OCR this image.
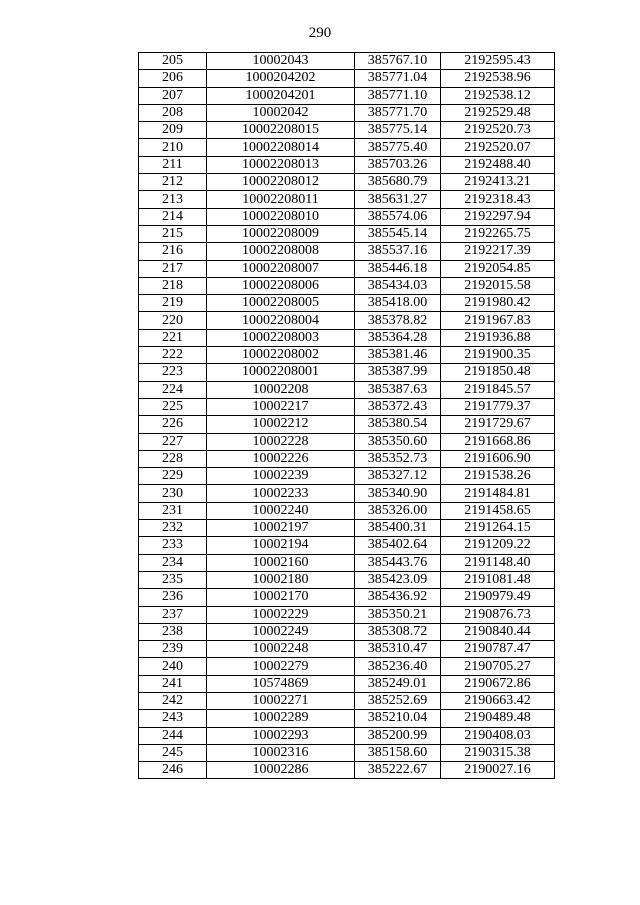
290
205	10002043	385767.10	2192595.43
206	1000204202	385771.04	2192538.96
207	1000204201	385771.10	2192538.12
208	10002042	385771.70	2192529.48
209	10002208015	385775.14	2192520.73
210	10002208014	385775.40	2192520.07
211	10002208013	385703.26	2192488.40
212	10002208012	385680.79	2192413.21
213	10002208011	385631.27	2192318.43
214	10002208010	385574.06	2192297.94
215	10002208009	385545.14	2192265.75
216	10002208008	385537.16	2192217.39
217	10002208007	385446.18	2192054.85
218	10002208006	385434.03	2192015.58
219	10002208005	385418.00	2191980.42
220	10002208004	385378.82	2191967.83
221	10002208003	385364.28	2191936.88
222	10002208002	385381.46	2191900.35
223	10002208001	385387.99	2191850.48
224	10002208	385387.63	2191845.57
225	10002217	385372.43	2191779.37
226	10002212	385380.54	2191729.67
227	10002228	385350.60	2191668.86
228	10002226	385352.73	2191606.90
229	10002239	385327.12	2191538.26
230	10002233	385340.90	2191484.81
231	10002240	385326.00	2191458.65
232	10002197	385400.31	2191264.15
233	10002194	385402.64	2191209.22
234	10002160	385443.76	2191148.40
235	10002180	385423.09	2191081.48
236	10002170	385436.92	2190979.49
237	10002229	385350.21	2190876.73
238	10002249	385308.72	2190840.44
239	10002248	385310.47	2190787.47
240	10002279	385236.40	2190705.27
241	10574869	385249.01	2190672.86
242	10002271	385252.69	2190663.42
243	10002289	385210.04	2190489.48
244	10002293	385200.99	2190408.03
245	10002316	385158.60	2190315.38
246	10002286	385222.67	2190027.16
